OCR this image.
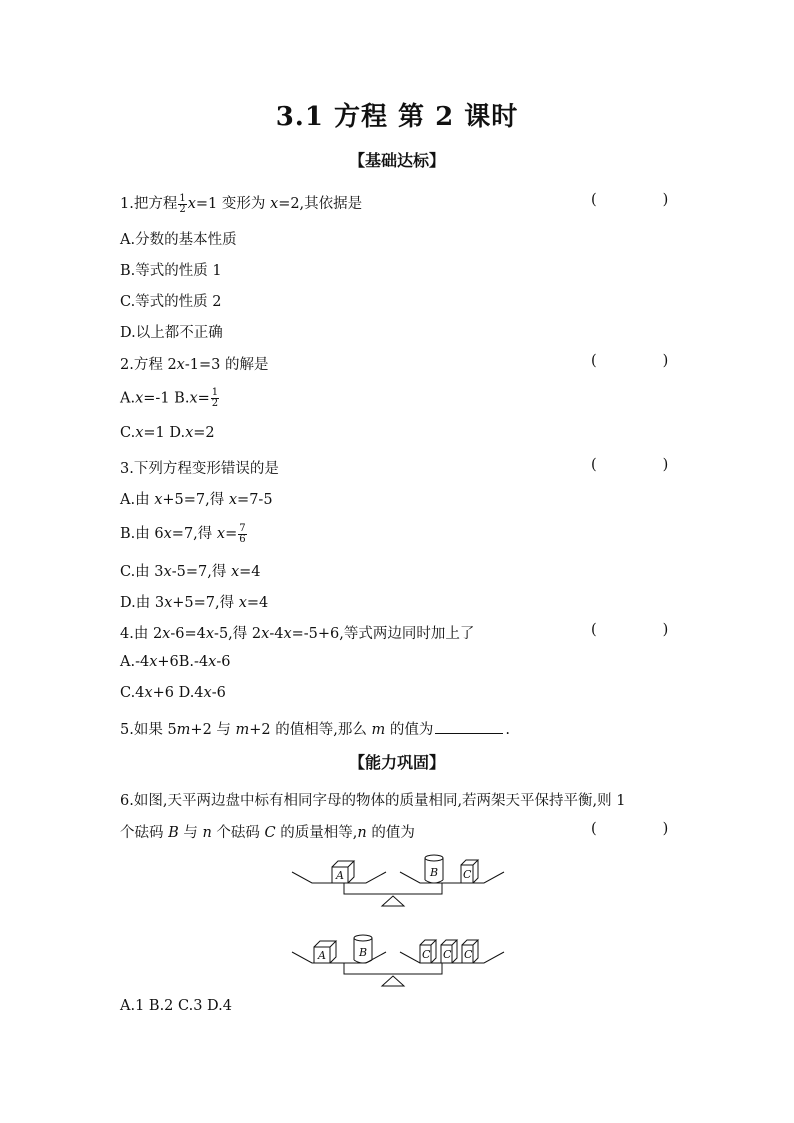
3.1 方程 第 2 课时
【基础达标】
1.把方程 $\frac{1}{2} x=1$ 变形为 x=2,其依据是	(	)
A.分数的基本性质
B.等式的性质 1
C.等式的性质 2
D.以上都不正确
2.方程 2x-1=3 的解是	(	)
A.x=-1 $B.x= \frac{1}{2}$
C.x=1 D.x=2
3.下列方程变形错误的是	(	)
A.由 x+5=7,得 x=7-5
B.由 6x=7,得 $x= \frac{7}{6}$
C.由 3x-5=7,得 x=4
D.由 3x+5=7,得 x=4
4.由 2x-6=4x-5,得 2x-4x=-5+6,等式两边同时加上了	(	)
A.-4x+6B.-4x-6
C.4x+6 D.4x-6
5.如果 5m+2 与 m+2 的值相等,那么 m 的值为	.
【能力巩固】
6.如图,天平两边盘中标有相同字母的物体的质量相同,若两架天平保持平衡,则 1
个砝码 B 与 n 个砝码 C 的质量相等,n 的值为	(	)
A	B C
A	B	C C C
A.1 B.2 C.3 D.4
